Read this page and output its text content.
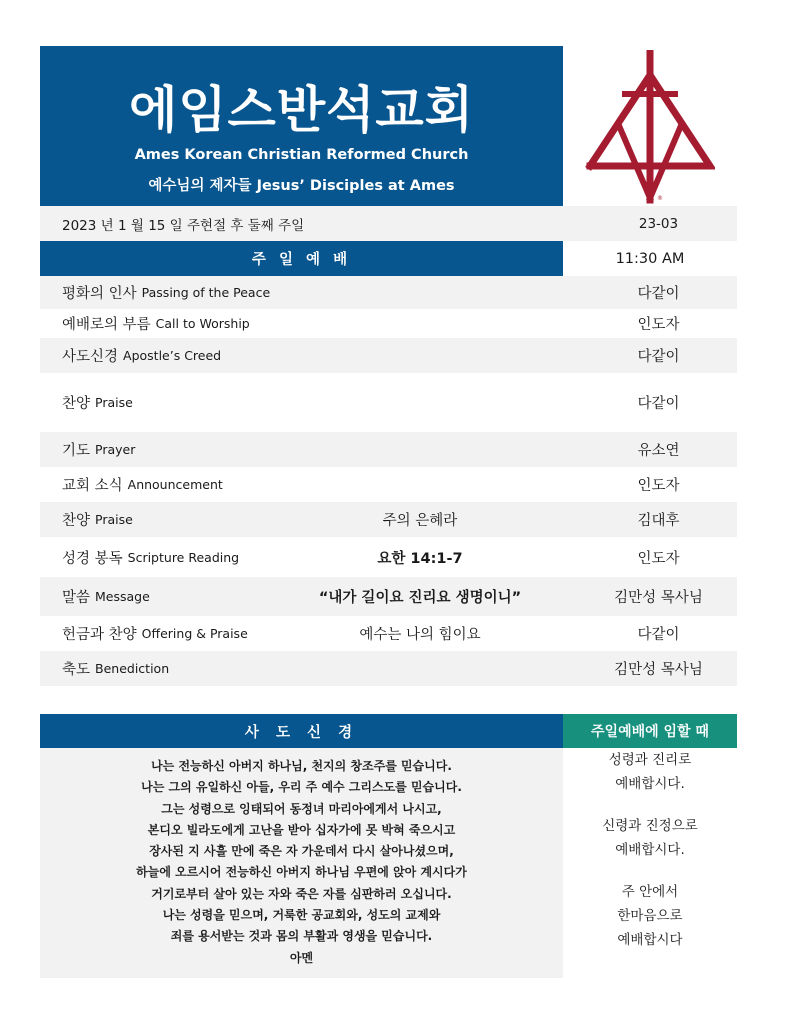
에임스반석교회
Ames Korean Christian Reformed Church
예수님의 제자들 Jesus’ Disciples at Ames
®
2023 년 1 월 15 일 주현절 후 둘째 주일	23-03
주 일 예 배	11:30 AM
평화의 인사 Passing of the Peace	다같이
예배로의 부름 Call to Worship	인도자
사도신경 Apostle’s Creed	다같이
찬양 Praise	다같이
기도 Prayer	유소연
교회 소식 Announcement	인도자
찬양 Praise	주의 은혜라	김대후
성경 봉독 Scripture Reading	요한 14:1-7	인도자
말씀 Message	“내가 길이요 진리요 생명이니”	김만성 목사님
헌금과 찬양 Offering & Praise	예수는 나의 힘이요	다같이
축도 Benediction	김만성 목사님
사 도 신 경	주일예배에 임할 때
나는 전능하신 아버지 하나님, 천지의 창조주를 믿습니다.
나는 그의 유일하신 아들, 우리 주 예수 그리스도를 믿습니다.
그는 성령으로 잉태되어 동정녀 마리아에게서 나시고,
본디오 빌라도에게 고난을 받아 십자가에 못 박혀 죽으시고
장사된 지 사흘 만에 죽은 자 가운데서 다시 살아나셨으며,
하늘에 오르시어 전능하신 아버지 하나님 우편에 앉아 계시다가
거기로부터 살아 있는 자와 죽은 자를 심판하러 오십니다.
나는 성령을 믿으며, 거룩한 공교회와, 성도의 교제와
죄를 용서받는 것과 몸의 부활과 영생을 믿습니다.
아멘
성령과 진리로
예배합시다.
신령과 진정으로
예배합시다.
주 안에서
한마음으로
예배합시다
